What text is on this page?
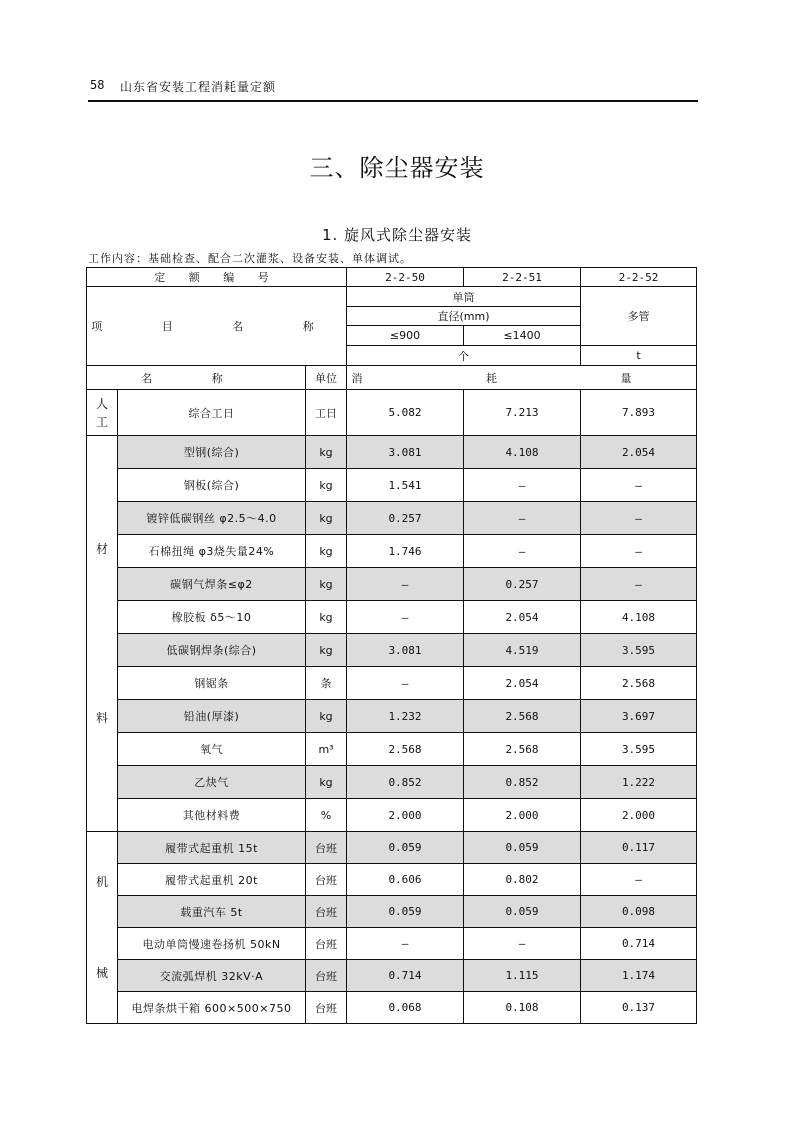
58 山东省安装工程消耗量定额
三、除尘器安装
1. 旋风式除尘器安装
工作内容：基础检查、配合二次灌浆、设备安装、单体调试。
定 额 编 号			2-2-50	2-2-51	2-2-52
项 目 名 称			单筒		多管
			直径(mm)		
			≤900	≤1400	
			个		t
名 称		单位	消 耗 量		

人
工	综合工日	工日	5.082	7.213	7.893

材
料	型钢(综合)	kg	3.081	4.108	2.054
	钢板(综合)	kg	1.541	—	—
	镀锌低碳钢丝 φ2.5～4.0	kg	0.257	—	—
	石棉扭绳 φ3烧失量24%	kg	1.746	—	—
	碳钢气焊条≤φ2	kg	—	0.257	—
	橡胶板 δ5～10	kg	—	2.054	4.108
	低碳钢焊条(综合)	kg	3.081	4.519	3.595
	钢锯条	条	—	2.054	2.568
	铅油(厚漆)	kg	1.232	2.568	3.697
	氧气	m³	2.568	2.568	3.595
	乙炔气	kg	0.852	0.852	1.222
	其他材料费	%	2.000	2.000	2.000

机
械	履带式起重机 15t	台班	0.059	0.059	0.117
	履带式起重机 20t	台班	0.606	0.802	—
	载重汽车 5t	台班	0.059	0.059	0.098
	电动单筒慢速卷扬机 50kN	台班	—	—	0.714
	交流弧焊机 32kV·A	台班	0.714	1.115	1.174
	电焊条烘干箱 600×500×750	台班	0.068	0.108	0.137
